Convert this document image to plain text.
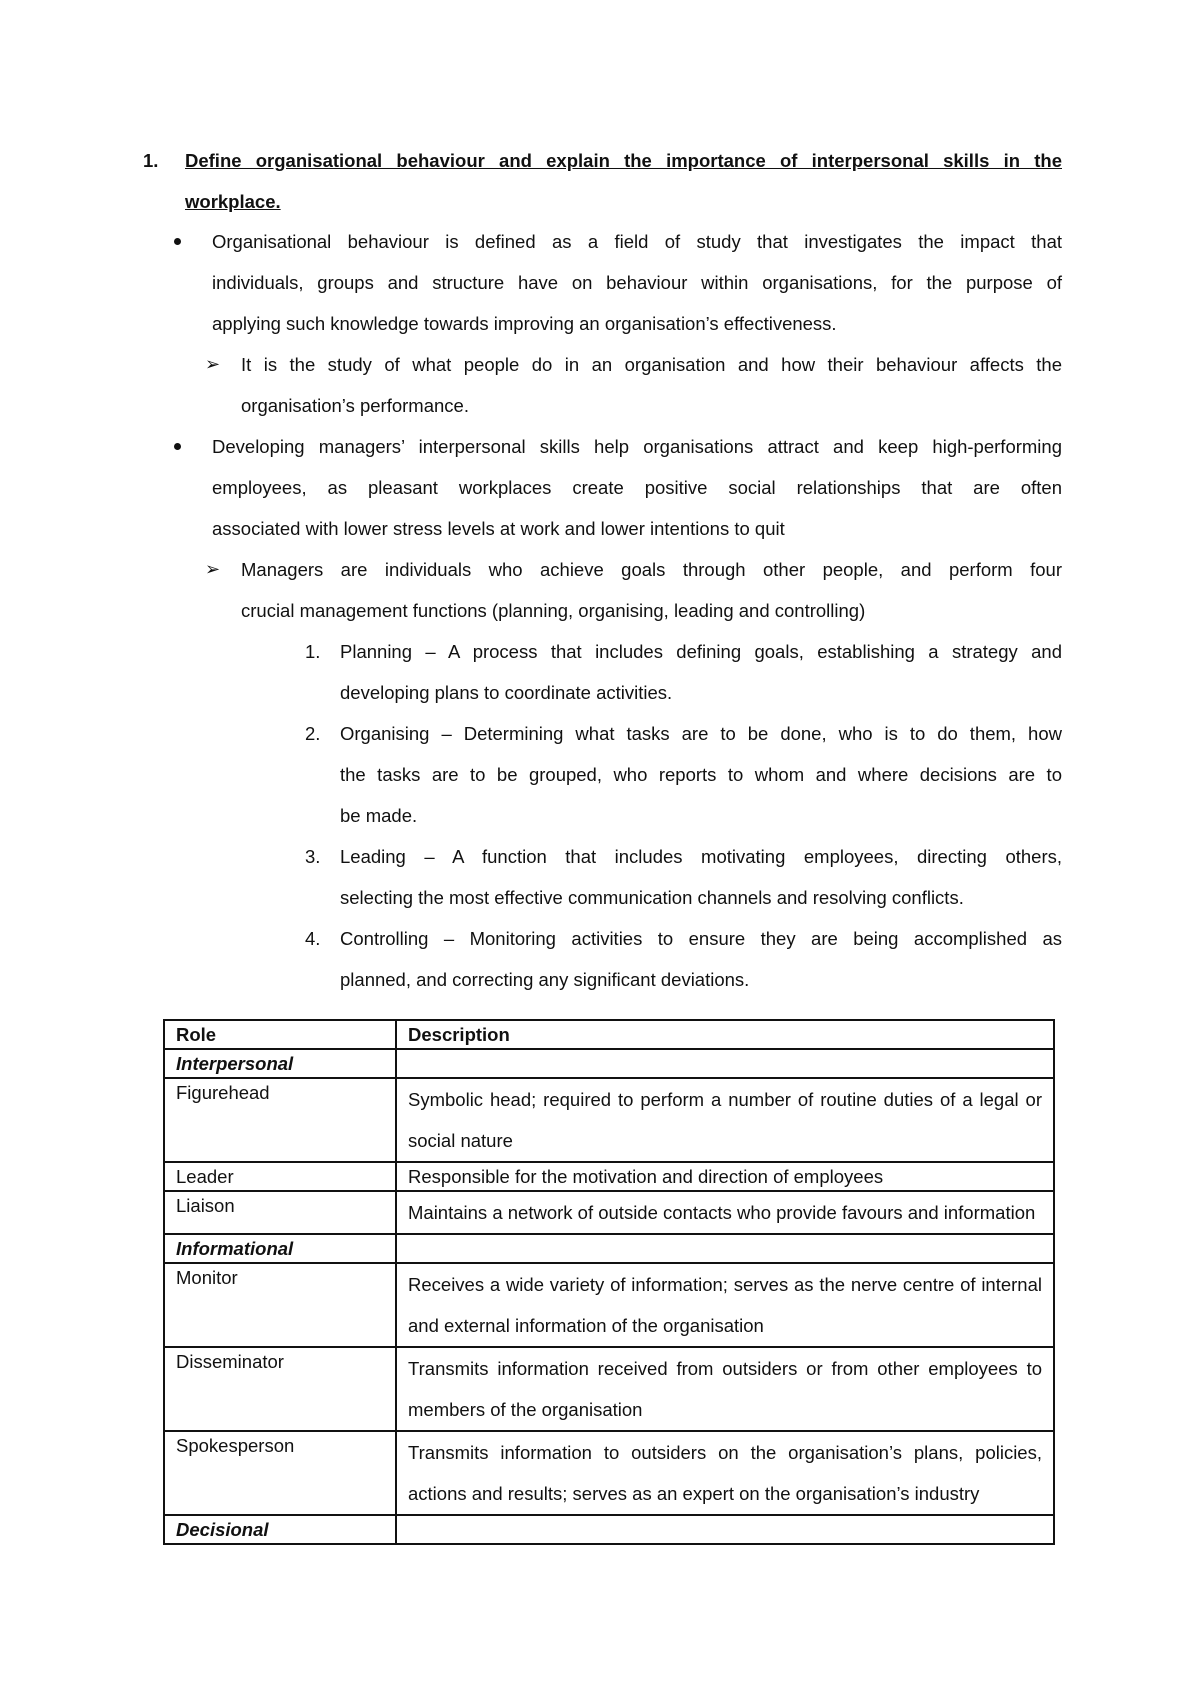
1. Define organisational behaviour and explain the importance of interpersonal skills in the
workplace.
Organisational behaviour is defined as a field of study that investigates the impact that
individuals, groups and structure have on behaviour within organisations, for the purpose of
applying such knowledge towards improving an organisation’s effectiveness.
➢ It is the study of what people do in an organisation and how their behaviour affects the
organisation’s performance.
Developing managers’ interpersonal skills help organisations attract and keep high-performing
employees, as pleasant workplaces create positive social relationships that are often
associated with lower stress levels at work and lower intentions to quit
➢ Managers are individuals who achieve goals through other people, and perform four
crucial management functions (planning, organising, leading and controlling)
1. Planning – A process that includes defining goals, establishing a strategy and
developing plans to coordinate activities.
2. Organising – Determining what tasks are to be done, who is to do them, how
the tasks are to be grouped, who reports to whom and where decisions are to
be made.
3. Leading – A function that includes motivating employees, directing others,
selecting the most effective communication channels and resolving conflicts.
4. Controlling – Monitoring activities to ensure they are being accomplished as
planned, and correcting any significant deviations.
Role	Description
Interpersonal	
Figurehead	Symbolic head; required to perform a number of routine duties of a legal or social nature
Leader	Responsible for the motivation and direction of employees
Liaison	Maintains a network of outside contacts who provide favours and information
Informational	
Monitor	Receives a wide variety of information; serves as the nerve centre of internal and external information of the organisation
Disseminator	Transmits information received from outsiders or from other employees to members of the organisation
Spokesperson	Transmits information to outsiders on the organisation’s plans, policies, actions and results; serves as an expert on the organisation’s industry
Decisional	
